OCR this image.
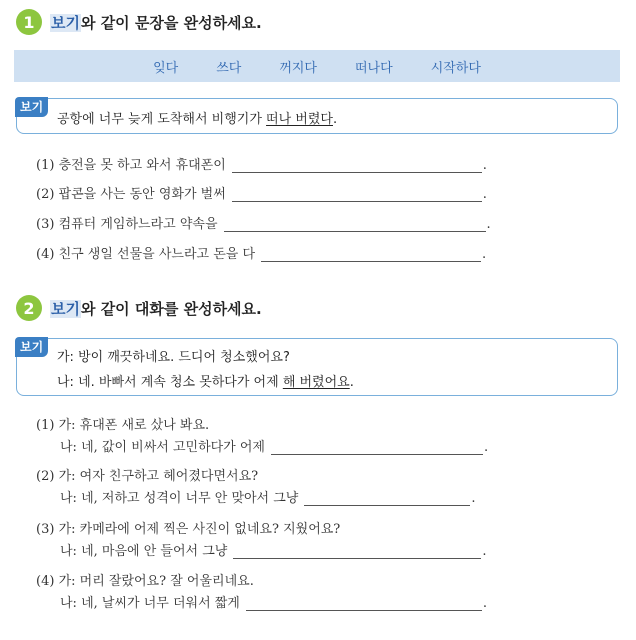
1	보기와 같이 문장을 완성하세요.
잊다	쓰다	꺼지다	떠나다	시작하다
보기
공항에 너무 늦게 도착해서 비행기가 떠나 버렸다.
(1)
충전을 못 하고 와서 휴대폰이	.
(2)
팝콘을 사는 동안 영화가 벌써	.
(3)
컴퓨터 게임하느라고 약속을	.
(4)
친구 생일 선물을 사느라고 돈을 다	.
2	보기와 같이 대화를 완성하세요.
보기
가: 방이 깨끗하네요. 드디어 청소했어요?
나: 네. 바빠서 계속 청소 못하다가 어제 해 버렸어요.
(1)
가: 휴대폰 새로 샀나 봐요.
나: 네, 값이 비싸서 고민하다가 어제	.
(2)
가: 여자 친구하고 헤어졌다면서요?
나: 네, 저하고 성격이 너무 안 맞아서 그냥	.
(3)
가: 카메라에 어제 찍은 사진이 없네요? 지웠어요?
나: 네, 마음에 안 들어서 그냥	.
(4)
가: 머리 잘랐어요? 잘 어울리네요.
나: 네, 날씨가 너무 더워서 짧게	.
